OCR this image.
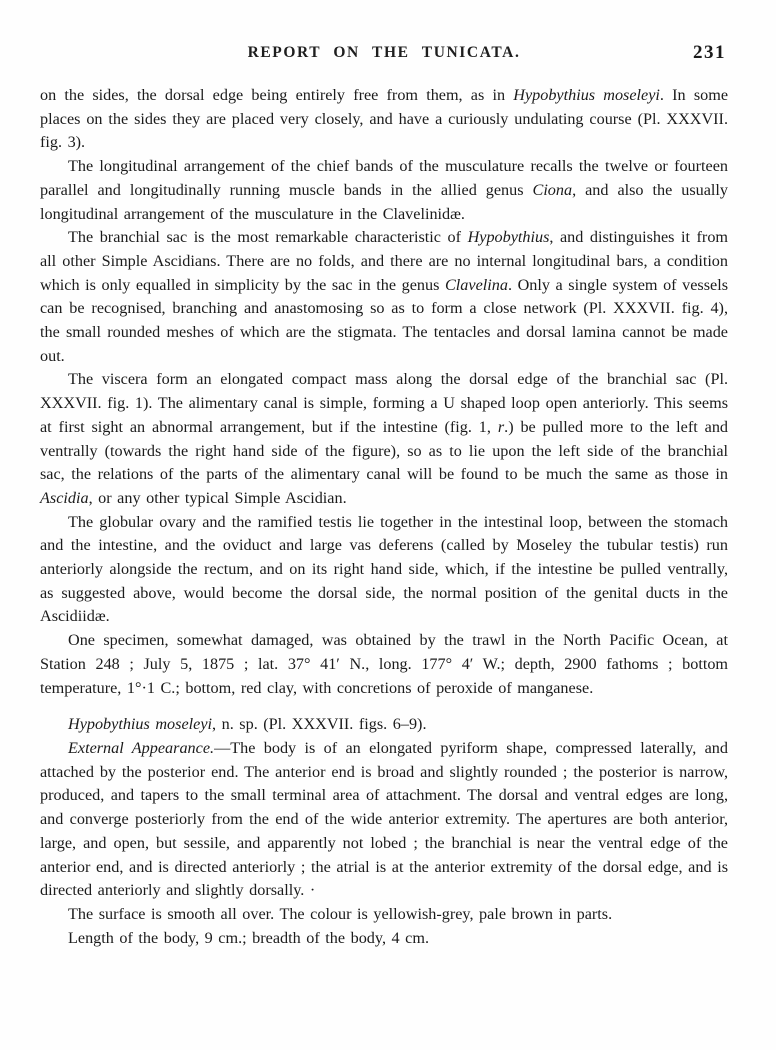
REPORT ON THE TUNICATA.	231

on the sides, the dorsal edge being entirely free from them, as in Hypobythius moseleyi. In some places on the sides they are placed very closely, and have a curiously undulating course (Pl. XXXVII. fig. 3).

The longitudinal arrangement of the chief bands of the musculature recalls the twelve or fourteen parallel and longitudinally running muscle bands in the allied genus Ciona, and also the usually longitudinal arrangement of the musculature in the Clavelinidæ.

The branchial sac is the most remarkable characteristic of Hypobythius, and distinguishes it from all other Simple Ascidians. There are no folds, and there are no internal longitudinal bars, a condition which is only equalled in simplicity by the sac in the genus Clavelina. Only a single system of vessels can be recognised, branching and anastomosing so as to form a close network (Pl. XXXVII. fig. 4), the small rounded meshes of which are the stigmata. The tentacles and dorsal lamina cannot be made out.

The viscera form an elongated compact mass along the dorsal edge of the branchial sac (Pl. XXXVII. fig. 1). The alimentary canal is simple, forming a U shaped loop open anteriorly. This seems at first sight an abnormal arrangement, but if the intestine (fig. 1, r.) be pulled more to the left and ventrally (towards the right hand side of the figure), so as to lie upon the left side of the branchial sac, the relations of the parts of the alimentary canal will be found to be much the same as those in Ascidia, or any other typical Simple Ascidian.

The globular ovary and the ramified testis lie together in the intestinal loop, between the stomach and the intestine, and the oviduct and large vas deferens (called by Moseley the tubular testis) run anteriorly alongside the rectum, and on its right hand side, which, if the intestine be pulled ventrally, as suggested above, would become the dorsal side, the normal position of the genital ducts in the Ascidiidæ.

One specimen, somewhat damaged, was obtained by the trawl in the North Pacific Ocean, at Station 248 ; July 5, 1875 ; lat. 37° 41′ N., long. 177° 4′ W.; depth, 2900 fathoms ; bottom temperature, 1°·1 C.; bottom, red clay, with concretions of peroxide of manganese.

Hypobythius moseleyi, n. sp. (Pl. XXXVII. figs. 6–9).

External Appearance.—The body is of an elongated pyriform shape, compressed laterally, and attached by the posterior end. The anterior end is broad and slightly rounded ; the posterior is narrow, produced, and tapers to the small terminal area of attachment. The dorsal and ventral edges are long, and converge posteriorly from the end of the wide anterior extremity. The apertures are both anterior, large, and open, but sessile, and apparently not lobed ; the branchial is near the ventral edge of the anterior end, and is directed anteriorly ; the atrial is at the anterior extremity of the dorsal edge, and is directed anteriorly and slightly dorsally. ·

The surface is smooth all over. The colour is yellowish-grey, pale brown in parts.

Length of the body, 9 cm.; breadth of the body, 4 cm.
